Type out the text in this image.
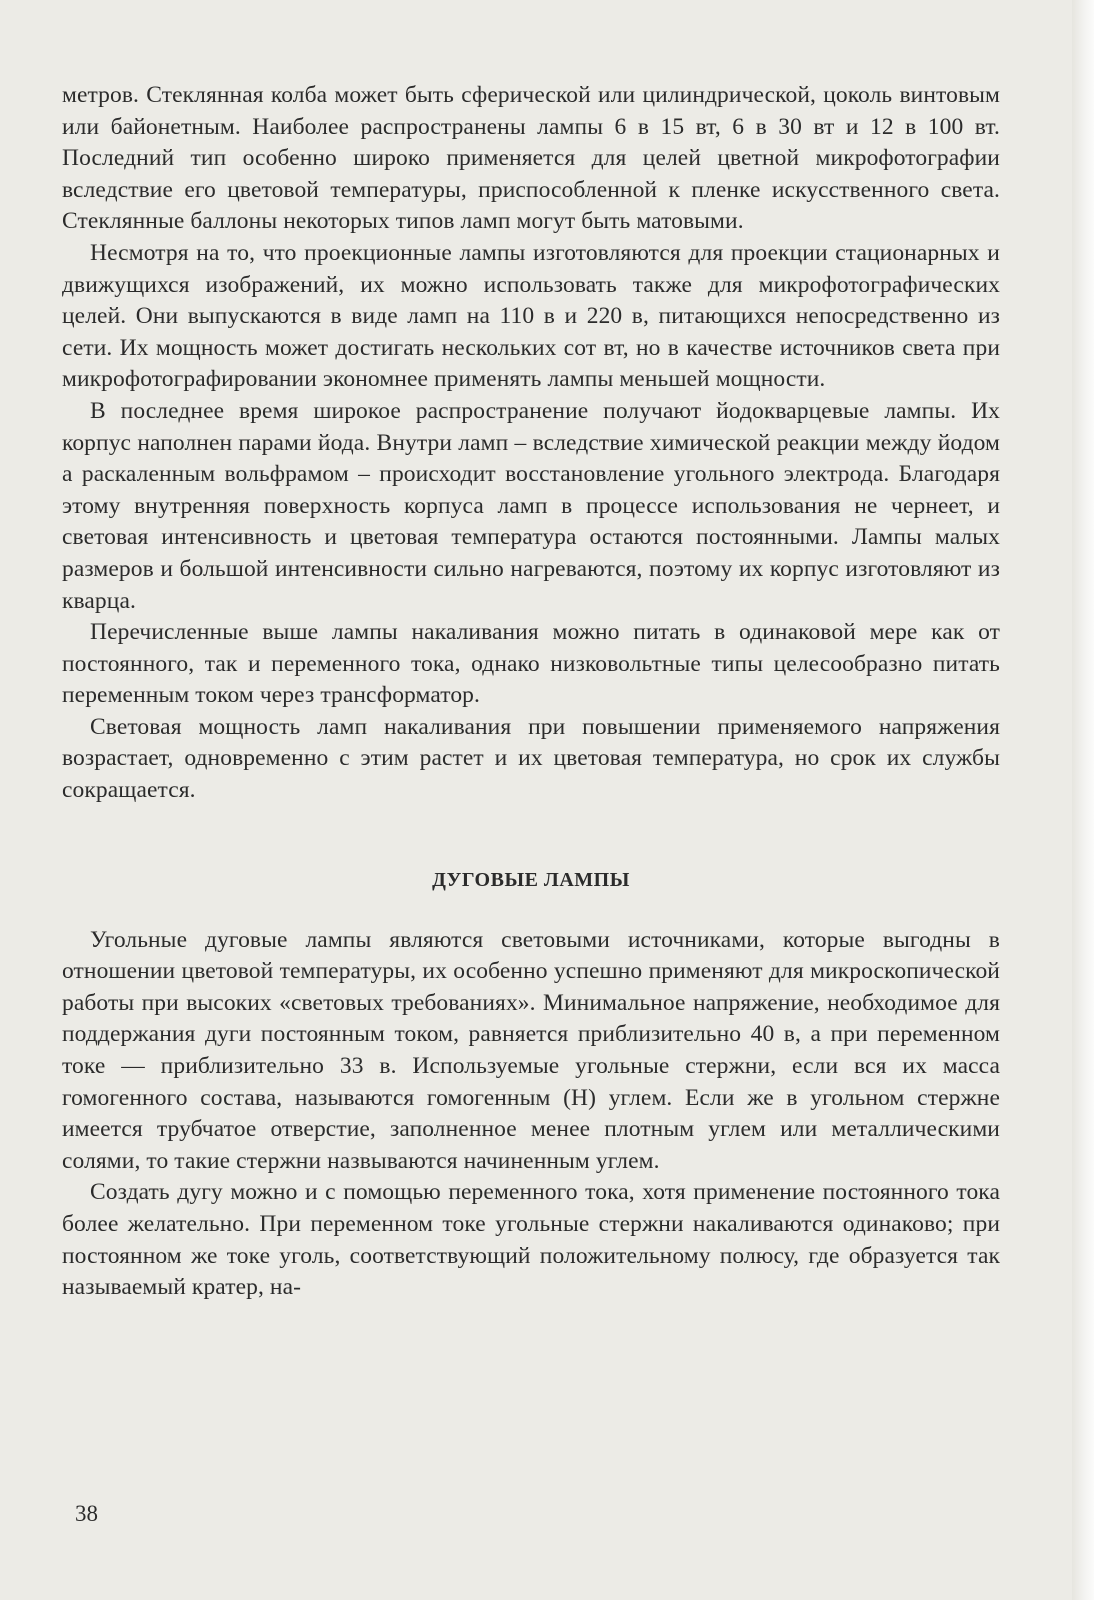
метров. Стеклянная колба может быть сферической или цилиндрической, цоколь винтовым или байонетным. Наиболее распространены лампы 6 в 15 вт, 6 в 30 вт и 12 в 100 вт. Последний тип особенно широко применяется для целей цветной микрофотографии вследствие его цветовой температуры, приспособленной к пленке искусственного света. Стеклянные баллоны некоторых типов ламп могут быть матовыми.

Несмотря на то, что проекционные лампы изготовляются для проекции стационарных и движущихся изображений, их можно использовать также для микрофотографических целей. Они выпускаются в виде ламп на 110 в и 220 в, питающихся непосредственно из сети. Их мощность может достигать нескольких сот вт, но в качестве источников света при микрофотографировании экономнее применять лампы меньшей мощности.

В последнее время широкое распространение получают йодокварцевые лампы. Их корпус наполнен парами йода. Внутри ламп – вследствие химической реакции между йодом а раскаленным вольфрамом – происходит восстановление угольного электрода. Благодаря этому внутренняя поверхность корпуса ламп в процессе использования не чернеет, и световая интенсивность и цветовая температура остаются постоянными. Лампы малых размеров и большой интенсивности сильно нагреваются, поэтому их корпус изготовляют из кварца.

Перечисленные выше лампы накаливания можно питать в одинаковой мере как от постоянного, так и переменного тока, однако низковольтные типы целесообразно питать переменным током через трансформатор.

Световая мощность ламп накаливания при повышении применяемого напряжения возрастает, одновременно с этим растет и их цветовая температура, но срок их службы сокращается.

ДУГОВЫЕ ЛАМПЫ

Угольные дуговые лампы являются световыми источниками, которые выгодны в отношении цветовой температуры, их особенно успешно применяют для микроскопической работы при высоких «световых требованиях». Минимальное напряжение, необходимое для поддержания дуги постоянным током, равняется приблизительно 40 в, а при переменном токе — приблизительно 33 в. Используемые угольные стержни, если вся их масса гомогенного состава, называются гомогенным (Н) углем. Если же в угольном стержне имеется трубчатое отверстие, заполненное менее плотным углем или металлическими солями, то такие стержни назвываются начиненным углем.

Создать дугу можно и с помощью переменного тока, хотя применение постоянного тока более желательно. При переменном токе угольные стержни накаливаются одинаково; при постоянном же токе уголь, соответствующий положительному полюсу, где образуется так называемый кратер, на-

38
